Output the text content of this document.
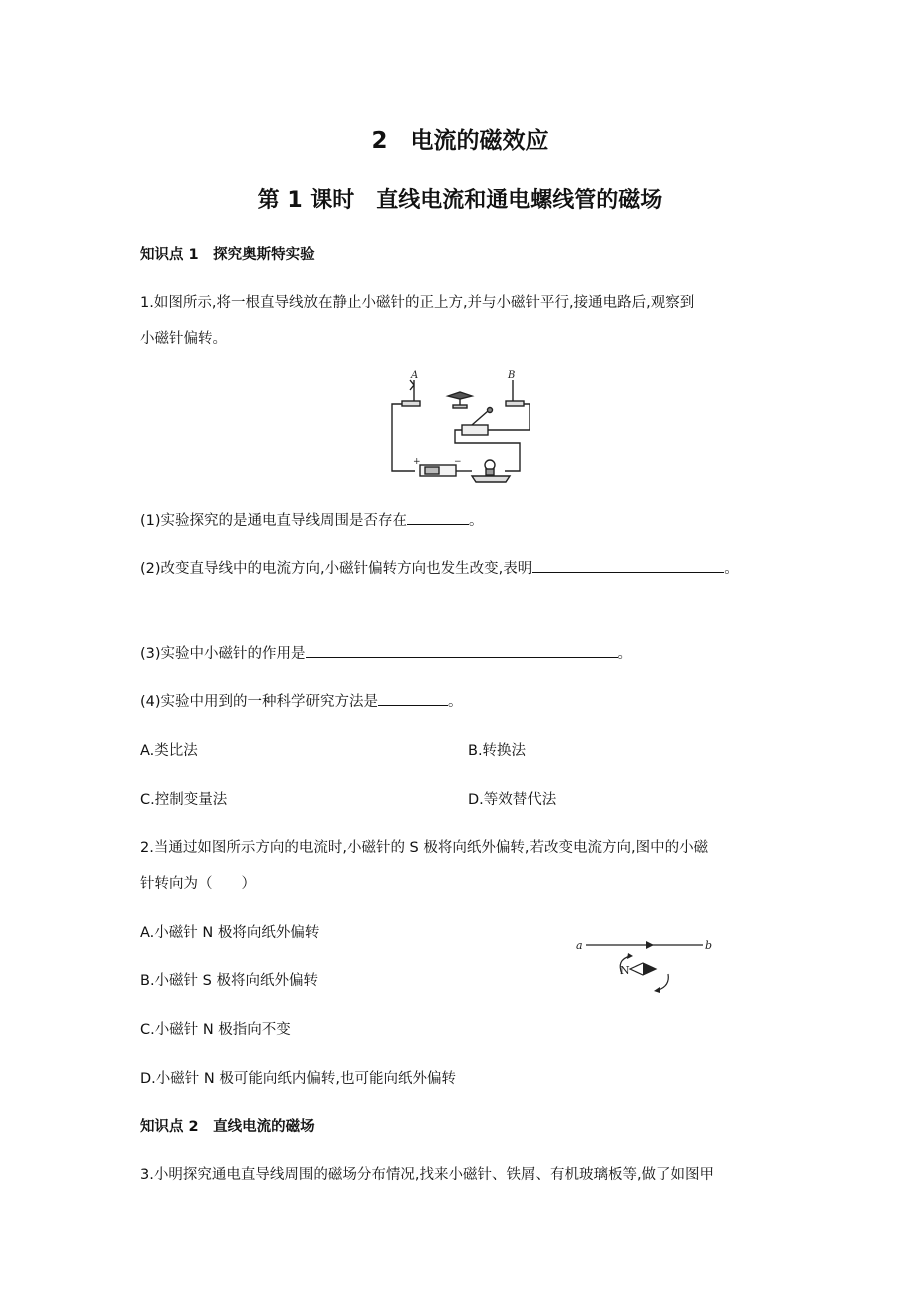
2　电流的磁效应
第 1 课时　直线电流和通电螺线管的磁场
知识点 1　探究奥斯特实验
1.如图所示,将一根直导线放在静止小磁针的正上方,并与小磁针平行,接通电路后,观察到
小磁针偏转。
A	B
+	−
(1)实验探究的是通电直导线周围是否存在	。
(2)改变直导线中的电流方向,小磁针偏转方向也发生改变,表明	。
(3)实验中小磁针的作用是	。
(4)实验中用到的一种科学研究方法是	。
A.类比法	B.转换法
C.控制变量法	D.等效替代法
2.当通过如图所示方向的电流时,小磁针的 S 极将向纸外偏转,若改变电流方向,图中的小磁
针转向为（　　）
A.小磁针 N 极将向纸外偏转
B.小磁针 S 极将向纸外偏转
C.小磁针 N 极指向不变
D.小磁针 N 极可能向纸内偏转,也可能向纸外偏转
a	b
N
知识点 2　直线电流的磁场
3.小明探究通电直导线周围的磁场分布情况,找来小磁针、铁屑、有机玻璃板等,做了如图甲
